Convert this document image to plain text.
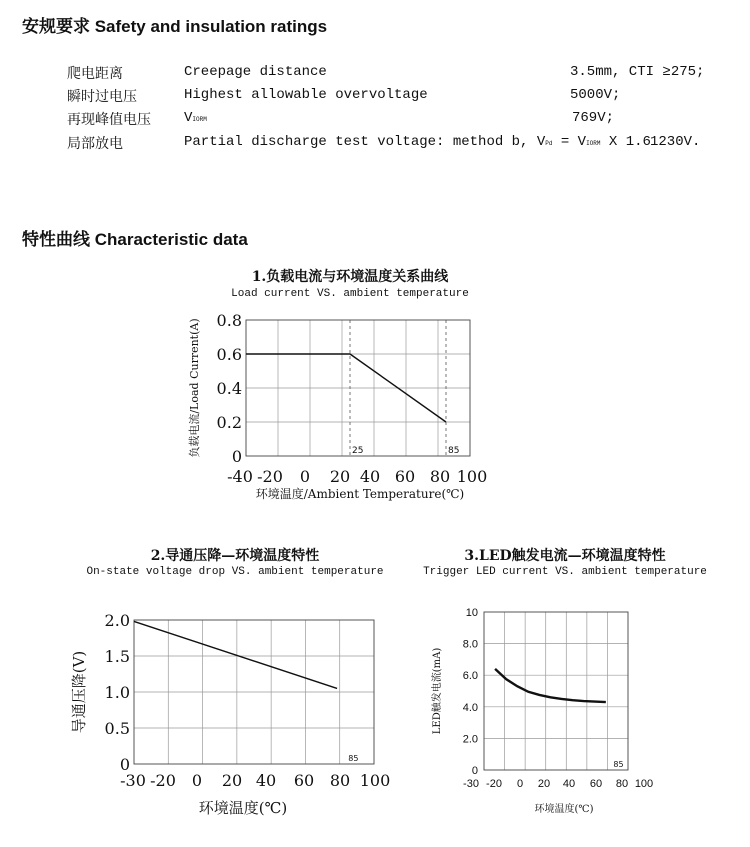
安规要求 Safety and insulation ratings
特性曲线 Characteristic data
爬电距离	Creepage distance	3.5mm, CTI ≥275;
瞬时过电压	Highest allowable overvoltage	5000V;
再现峰值电压 VIORM	769V;
局部放电	Partial discharge test voltage: method b, VPd = VIORM X 1.6 1230V.
1.负载电流与环境温度关系曲线
Load current VS. ambient temperature
2.导通压降—环境温度特性
On-state voltage drop VS. ambient temperature
3.LED触发电流—环境温度特性
Trigger LED current VS. ambient temperature
25	85
-40 -20 0 20 40 60 80 100
0
0.2
0.4
0.6
0.8
环境温度/Ambient Temperature(℃)
负载电流/Load Current(A)
85
-30 -20 0 20 40 60 80 100
0
0.5
1.0
1.5
2.0
环境温度(℃)
导通压降(V)
85
-30 -20 0 20 40 60 80 100
0
2.0
4.0
6.0
8.0
10
环境温度(℃)
LED触发电流(mA)
